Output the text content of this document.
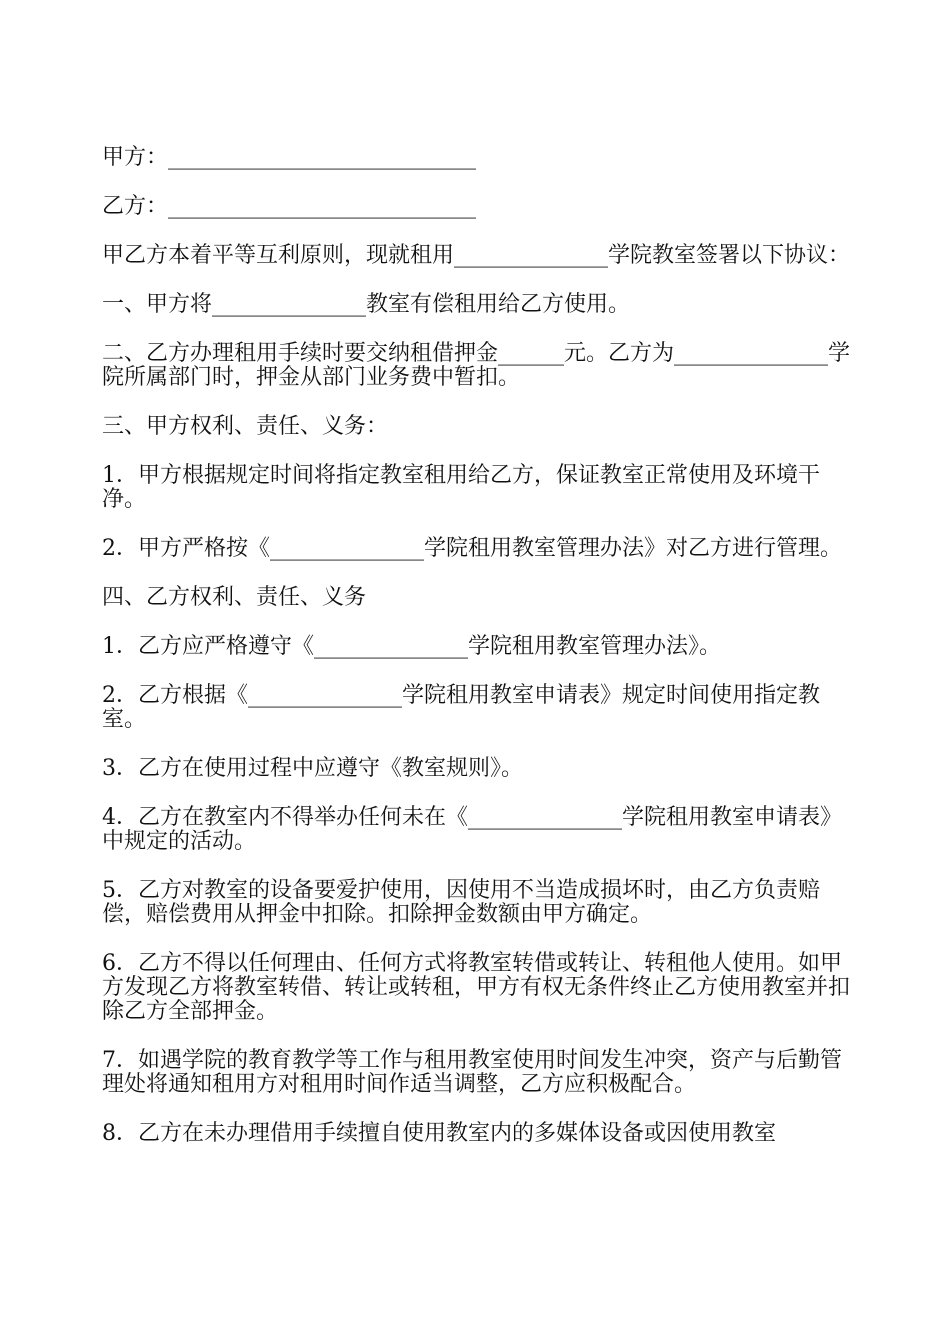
甲方：____________________________

乙方：____________________________

甲乙方本着平等互利原则，现就租用______________学院教室签署以下协议：

一、甲方将______________教室有偿租用给乙方使用。

二、乙方办理租用手续时要交纳租借押金______元。乙方为______________学院所属部门时，押金从部门业务费中暂扣。

三、甲方权利、责任、义务：

1．甲方根据规定时间将指定教室租用给乙方，保证教室正常使用及环境干净。

2．甲方严格按《______________学院租用教室管理办法》对乙方进行管理。

四、乙方权利、责任、义务

1．乙方应严格遵守《______________学院租用教室管理办法》。

2．乙方根据《______________学院租用教室申请表》规定时间使用指定教室。

3．乙方在使用过程中应遵守《教室规则》。

4．乙方在教室内不得举办任何未在《______________学院租用教室申请表》中规定的活动。

5．乙方对教室的设备要爱护使用，因使用不当造成损坏时，由乙方负责赔偿，赔偿费用从押金中扣除。扣除押金数额由甲方确定。

6．乙方不得以任何理由、任何方式将教室转借或转让、转租他人使用。如甲方发现乙方将教室转借、转让或转租，甲方有权无条件终止乙方使用教室并扣除乙方全部押金。

7．如遇学院的教育教学等工作与租用教室使用时间发生冲突，资产与后勤管理处将通知租用方对租用时间作适当调整，乙方应积极配合。

8．乙方在未办理借用手续擅自使用教室内的多媒体设备或因使用教室
